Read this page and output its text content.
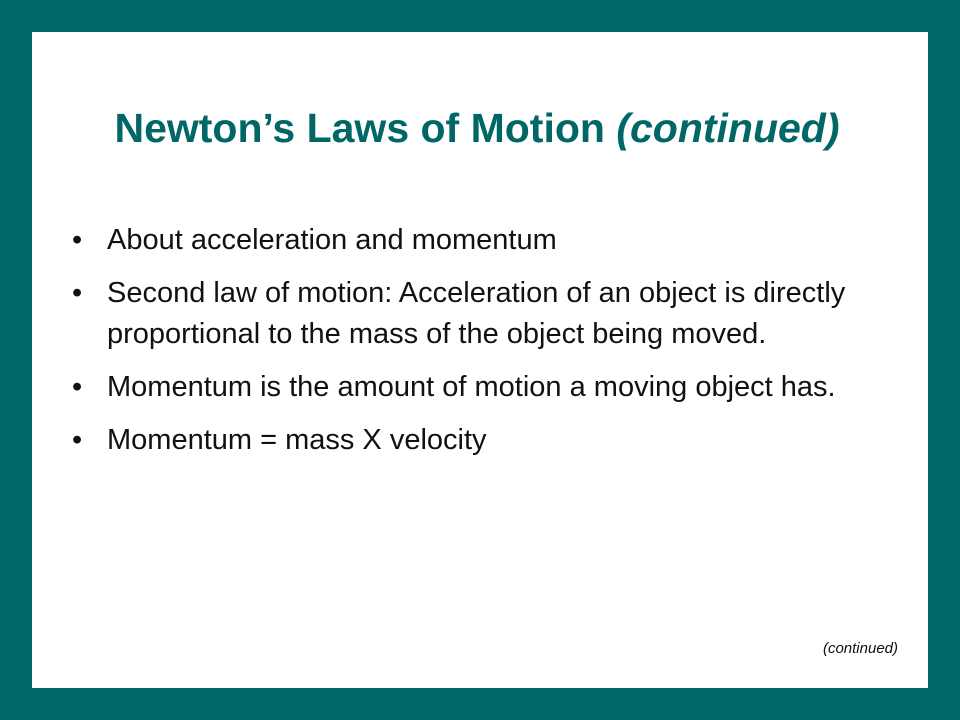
Newton’s Laws of Motion (continued)
• About acceleration and momentum
• Second law of motion: Acceleration of an object is directly proportional to the mass of the object being moved.
• Momentum is the amount of motion a moving object has.
• Momentum = mass X velocity
(continued)
